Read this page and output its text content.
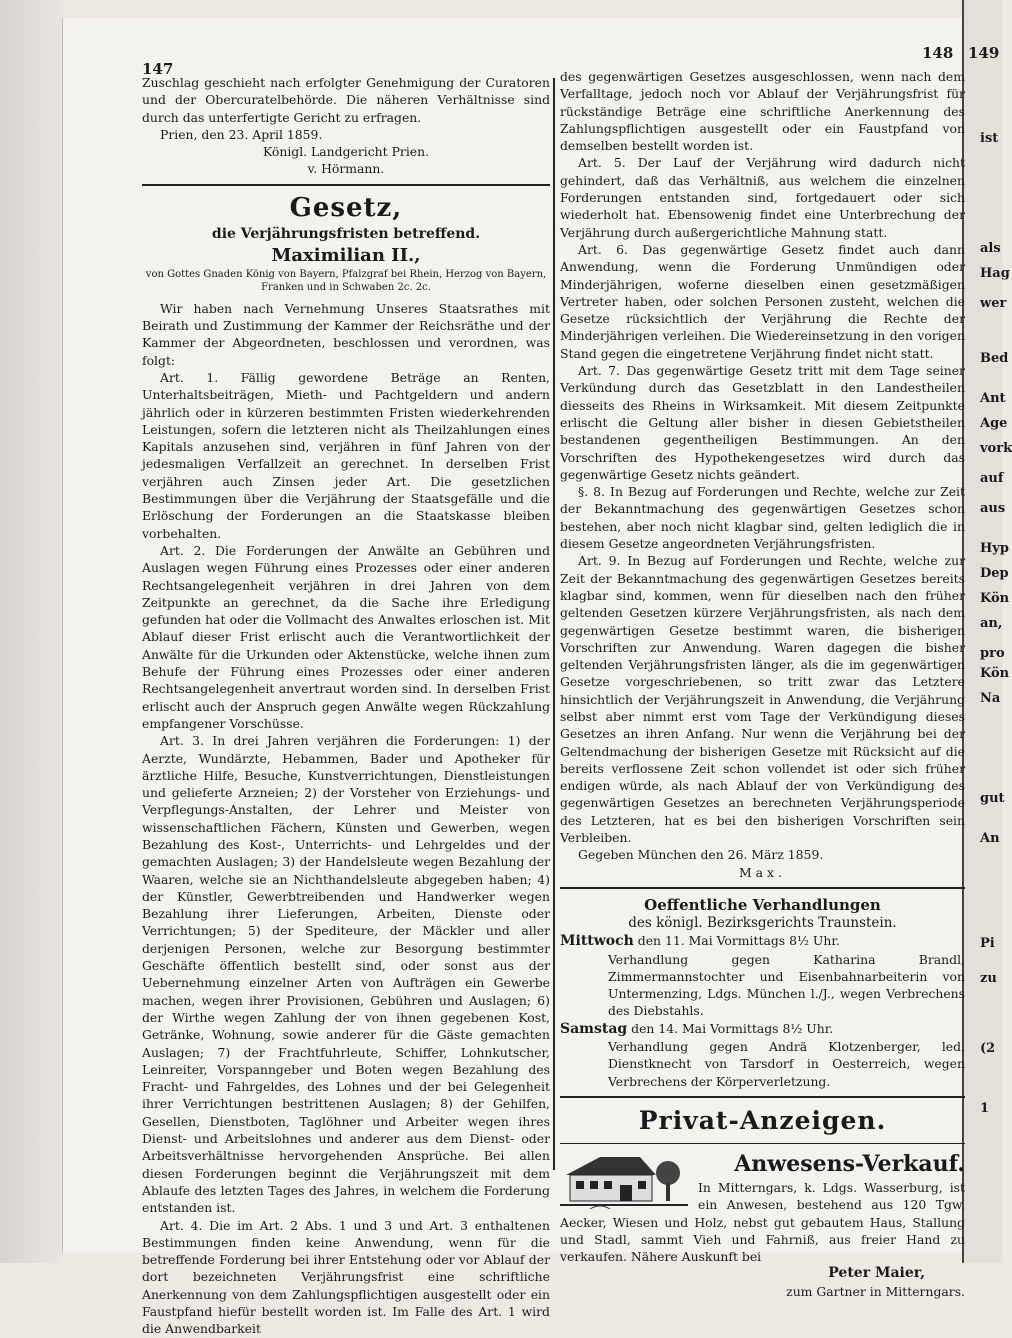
ist
als
Hag
wer
Bed
Ant
Age
vork
auf
aus
Hyp
Dep
Kön
an,
pro
Kön
Na
gut
An
Pi
zu
(2
1
147
148 149

Zuschlag geschieht nach erfolgter Genehmigung der Curatoren und der Obercuratelbehörde. Die näheren Verhältnisse sind durch das unterfertigte Gericht zu erfragen.

Prien, den 23. April 1859.

Königl. Landgericht Prien.

v. Hörmann.

Gesetz,
die Verjährungsfristen betreffend.
Maximilian II.,
von Gottes Gnaden König von Bayern, Pfalzgraf bei Rhein, Herzog von Bayern, Franken und in Schwaben 2c. 2c.

Wir haben nach Vernehmung Unseres Staatsrathes mit Beirath und Zustimmung der Kammer der Reichsräthe und der Kammer der Abgeordneten, beschlossen und verordnen, was folgt:

Art. 1. Fällig gewordene Beträge an Renten, Unterhaltsbeiträgen, Mieth- und Pachtgeldern und andern jährlich oder in kürzeren bestimmten Fristen wiederkehrenden Leistungen, sofern die letzteren nicht als Theilzahlungen eines Kapitals anzusehen sind, verjähren in fünf Jahren von der jedesmaligen Verfallzeit an gerechnet. In derselben Frist verjähren auch Zinsen jeder Art. Die gesetzlichen Bestimmungen über die Verjährung der Staatsgefälle und die Erlöschung der Forderungen an die Staatskasse bleiben vorbehalten.

Art. 2. Die Forderungen der Anwälte an Gebühren und Auslagen wegen Führung eines Prozesses oder einer anderen Rechtsangelegenheit verjähren in drei Jahren von dem Zeitpunkte an gerechnet, da die Sache ihre Erledigung gefunden hat oder die Vollmacht des Anwaltes erloschen ist. Mit Ablauf dieser Frist erlischt auch die Verantwortlichkeit der Anwälte für die Urkunden oder Aktenstücke, welche ihnen zum Behufe der Führung eines Prozesses oder einer anderen Rechtsangelegenheit anvertraut worden sind. In derselben Frist erlischt auch der Anspruch gegen Anwälte wegen Rückzahlung empfangener Vorschüsse.

Art. 3. In drei Jahren verjähren die Forderungen: 1) der Aerzte, Wundärzte, Hebammen, Bader und Apotheker für ärztliche Hilfe, Besuche, Kunstverrichtungen, Dienstleistungen und gelieferte Arzneien; 2) der Vorsteher von Erziehungs- und Verpflegungs-Anstalten, der Lehrer und Meister von wissenschaftlichen Fächern, Künsten und Gewerben, wegen Bezahlung des Kost-, Unterrichts- und Lehrgeldes und der gemachten Auslagen; 3) der Handelsleute wegen Bezahlung der Waaren, welche sie an Nichthandelsleute abgegeben haben; 4) der Künstler, Gewerbtreibenden und Handwerker wegen Bezahlung ihrer Lieferungen, Arbeiten, Dienste oder Verrichtungen; 5) der Spediteure, der Mäckler und aller derjenigen Personen, welche zur Besorgung bestimmter Geschäfte öffentlich bestellt sind, oder sonst aus der Uebernehmung einzelner Arten von Aufträgen ein Gewerbe machen, wegen ihrer Provisionen, Gebühren und Auslagen; 6) der Wirthe wegen Zahlung der von ihnen gegebenen Kost, Getränke, Wohnung, sowie anderer für die Gäste gemachten Auslagen; 7) der Frachtfuhrleute, Schiffer, Lohnkutscher, Leinreiter, Vorspanngeber und Boten wegen Bezahlung des Fracht- und Fahrgeldes, des Lohnes und der bei Gelegenheit ihrer Verrichtungen bestrittenen Auslagen; 8) der Gehilfen, Gesellen, Dienstboten, Taglöhner und Arbeiter wegen ihres Dienst- und Arbeitslohnes und anderer aus dem Dienst- oder Arbeitsverhältnisse hervorgehenden Ansprüche. Bei allen diesen Forderungen beginnt die Verjährungszeit mit dem Ablaufe des letzten Tages des Jahres, in welchem die Forderung entstanden ist.

Art. 4. Die im Art. 2 Abs. 1 und 3 und Art. 3 enthaltenen Bestimmungen finden keine Anwendung, wenn für die betreffende Forderung bei ihrer Entstehung oder vor Ablauf der dort bezeichneten Verjährungsfrist eine schriftliche Anerkennung von dem Zahlungspflichtigen ausgestellt oder ein Faustpfand hiefür bestellt worden ist. Im Falle des Art. 1 wird die Anwendbarkeit

des gegenwärtigen Gesetzes ausgeschlossen, wenn nach dem Verfalltage, jedoch noch vor Ablauf der Verjährungsfrist für rückständige Beträge eine schriftliche Anerkennung des Zahlungspflichtigen ausgestellt oder ein Faustpfand von demselben bestellt worden ist.

Art. 5. Der Lauf der Verjährung wird dadurch nicht gehindert, daß das Verhältniß, aus welchem die einzelnen Forderungen entstanden sind, fortgedauert oder sich wiederholt hat. Ebensowenig findet eine Unterbrechung der Verjährung durch außergerichtliche Mahnung statt.

Art. 6. Das gegenwärtige Gesetz findet auch dann Anwendung, wenn die Forderung Unmündigen oder Minderjährigen, woferne dieselben einen gesetzmäßigen Vertreter haben, oder solchen Personen zusteht, welchen die Gesetze rücksichtlich der Verjährung die Rechte der Minderjährigen verleihen. Die Wiedereinsetzung in den vorigen Stand gegen die eingetretene Verjährung findet nicht statt.

Art. 7. Das gegenwärtige Gesetz tritt mit dem Tage seiner Verkündung durch das Gesetzblatt in den Landestheilen diesseits des Rheins in Wirksamkeit. Mit diesem Zeitpunkte erlischt die Geltung aller bisher in diesen Gebietstheilen bestandenen gegentheiligen Bestimmungen. An den Vorschriften des Hypothekengesetzes wird durch das gegenwärtige Gesetz nichts geändert.

§. 8. In Bezug auf Forderungen und Rechte, welche zur Zeit der Bekanntmachung des gegenwärtigen Gesetzes schon bestehen, aber noch nicht klagbar sind, gelten lediglich die in diesem Gesetze angeordneten Verjährungsfristen.

Art. 9. In Bezug auf Forderungen und Rechte, welche zur Zeit der Bekanntmachung des gegenwärtigen Gesetzes bereits klagbar sind, kommen, wenn für dieselben nach den früher geltenden Gesetzen kürzere Verjährungsfristen, als nach dem gegenwärtigen Gesetze bestimmt waren, die bisherigen Vorschriften zur Anwendung. Waren dagegen die bisher geltenden Verjährungsfristen länger, als die im gegenwärtigen Gesetze vorgeschriebenen, so tritt zwar das Letztere hinsichtlich der Verjährungszeit in Anwendung, die Verjährung selbst aber nimmt erst vom Tage der Verkündigung dieses Gesetzes an ihren Anfang. Nur wenn die Verjährung bei der Geltendmachung der bisherigen Gesetze mit Rücksicht auf die bereits verflossene Zeit schon vollendet ist oder sich früher endigen würde, als nach Ablauf der von Verkündigung des gegenwärtigen Gesetzes an berechneten Verjährungsperiode des Letzteren, hat es bei den bisherigen Vorschriften sein Verbleiben.

Gegeben München den 26. März 1859.

Max.

Oeffentliche Verhandlungen
des königl. Bezirksgerichts Traunstein.

Mittwoch den 11. Mai Vormittags 8½ Uhr.

Verhandlung gegen Katharina Brandl, Zimmermannstochter und Eisenbahnarbeiterin von Untermenzing, Ldgs. München l./J., wegen Verbrechens des Diebstahls.

Samstag den 14. Mai Vormittags 8½ Uhr.

Verhandlung gegen Andrä Klotzenberger, led. Dienstknecht von Tarsdorf in Oesterreich, wegen Verbrechens der Körperverletzung.

Privat-Anzeigen.
Anwesens-Verkauf.

In Mitterngars, k. Ldgs. Wasserburg, ist ein Anwesen, bestehend aus 120 Tgw. Aecker, Wiesen und Holz, nebst gut gebautem Haus, Stallung und Stadl, sammt Vieh und Fahrniß, aus freier Hand zu verkaufen. Nähere Auskunft bei

Peter Maier,
zum Gartner in Mitterngars.
